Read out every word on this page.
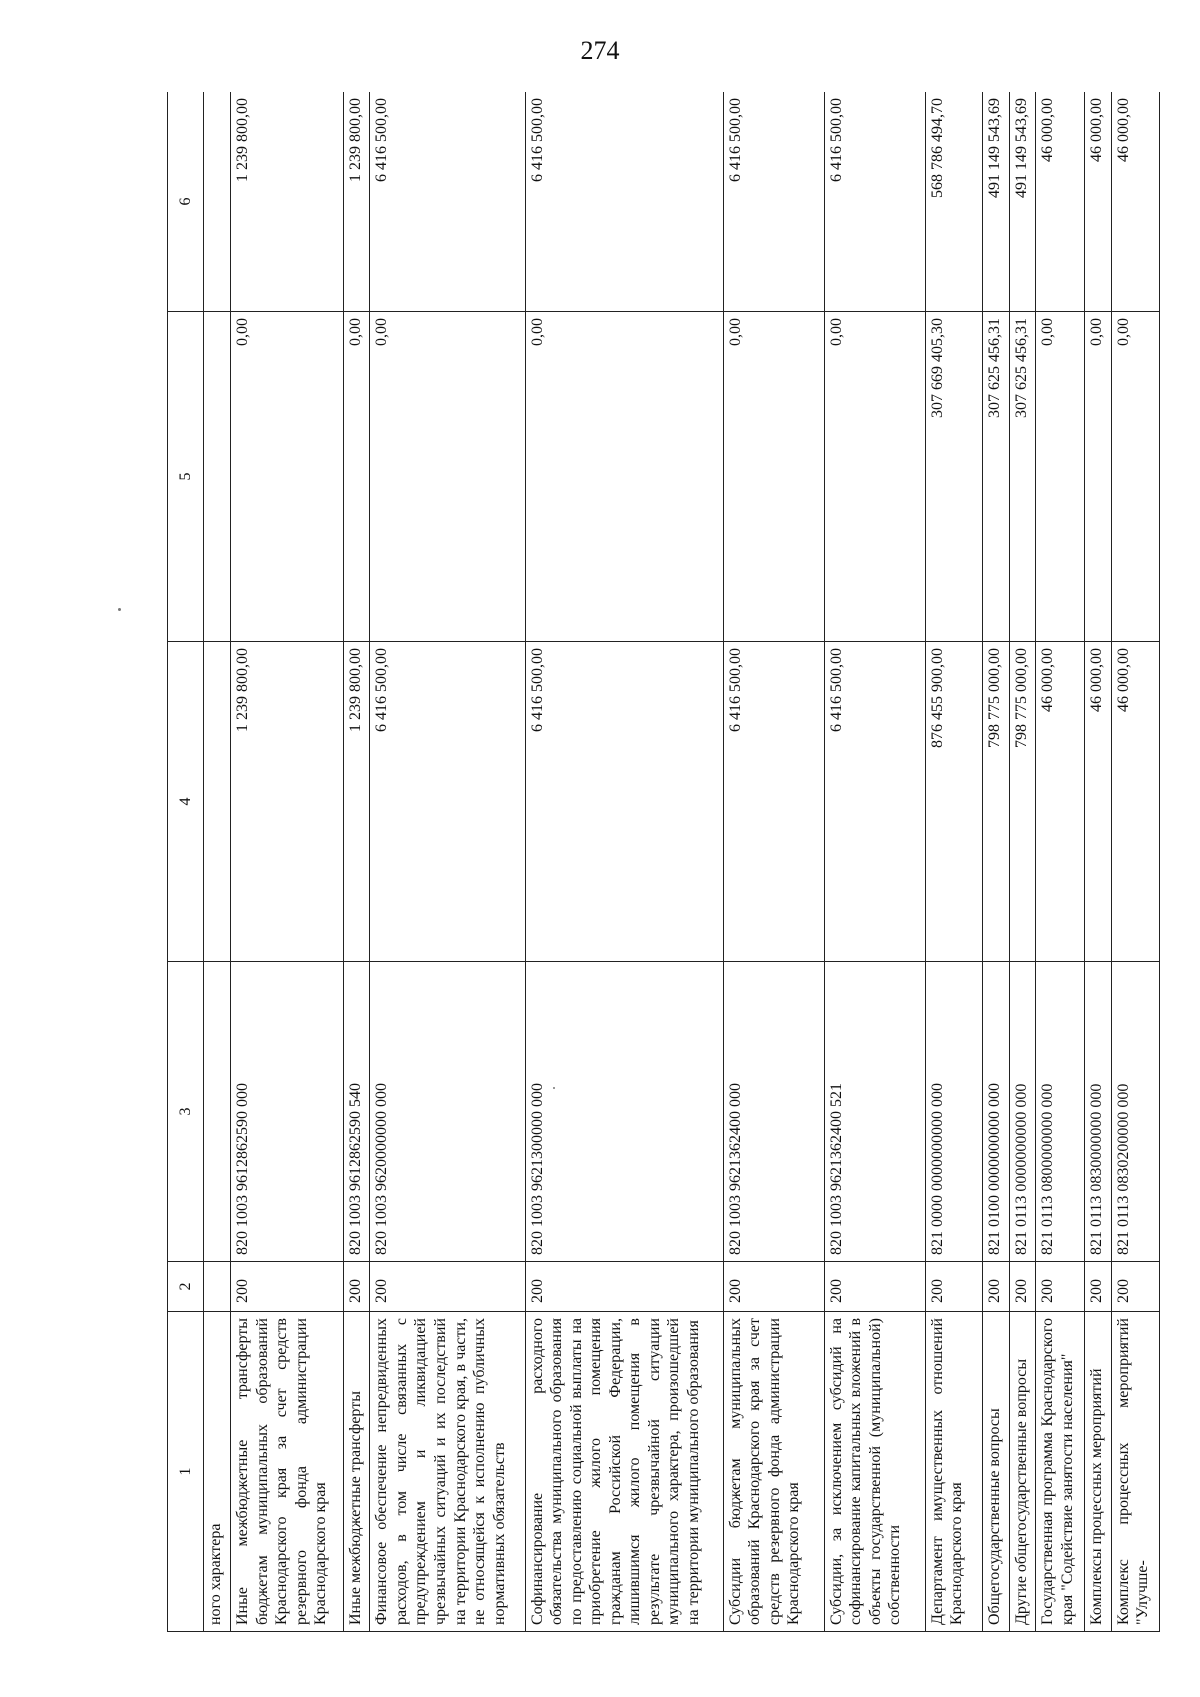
274
1	2	3	4	5	6
ного характера					
Иные межбюджетные трансферты бюджетам муниципальных образований Краснодарского края за счет средств резервного фонда администрации Краснодарского края	200	820 1003 9612862590 000	1 239 800,00	0,00	1 239 800,00
Иные межбюджетные трансферты	200	820 1003 9612862590 540	1 239 800,00	0,00	1 239 800,00
Финансовое обеспечение непредвиденных расходов, в том числе связанных с предупреждением и ликвидацией чрезвычайных ситуаций и их последствий на территории Краснодарского края, в части, не относящейся к исполнению публичных нормативных обязательств	200	820 1003 9620000000 000	6 416 500,00	0,00	6 416 500,00
Софинансирование расходного обязательства муниципального образования по предоставлению социальной выплаты на приобретение жилого помещения гражданам Российской Федерации, лишившимся жилого помещения в результате чрезвычайной ситуации муниципального характера, произошедшей на территории муниципального образования	200	820 1003 9621300000 000	6 416 500,00	0,00	6 416 500,00
Субсидии бюджетам муниципальных образований Краснодарского края за счет средств резервного фонда администрации Краснодарского края	200	820 1003 9621362400 000	6 416 500,00	0,00	6 416 500,00
Субсидии, за исключением субсидий на софинансирование капитальных вложений в объекты государственной (муниципальной) собственности	200	820 1003 9621362400 521	6 416 500,00	0,00	6 416 500,00
Департамент имущественных отношений Краснодарского края	200	821 0000 0000000000 000	876 455 900,00	307 669 405,30	568 786 494,70
Общегосударственные вопросы	200	821 0100 0000000000 000	798 775 000,00	307 625 456,31	491 149 543,69
Другие общегосударственные вопросы	200	821 0113 0000000000 000	798 775 000,00	307 625 456,31	491 149 543,69
Государственная программа Краснодарского края "Содействие занятости населения"	200	821 0113 0800000000 000	46 000,00	0,00	46 000,00
Комплексы процессных мероприятий	200	821 0113 0830000000 000	46 000,00	0,00	46 000,00
Комплекс процессных мероприятий "Улучше-	200	821 0113 0830200000 000	46 000,00	0,00	46 000,00
